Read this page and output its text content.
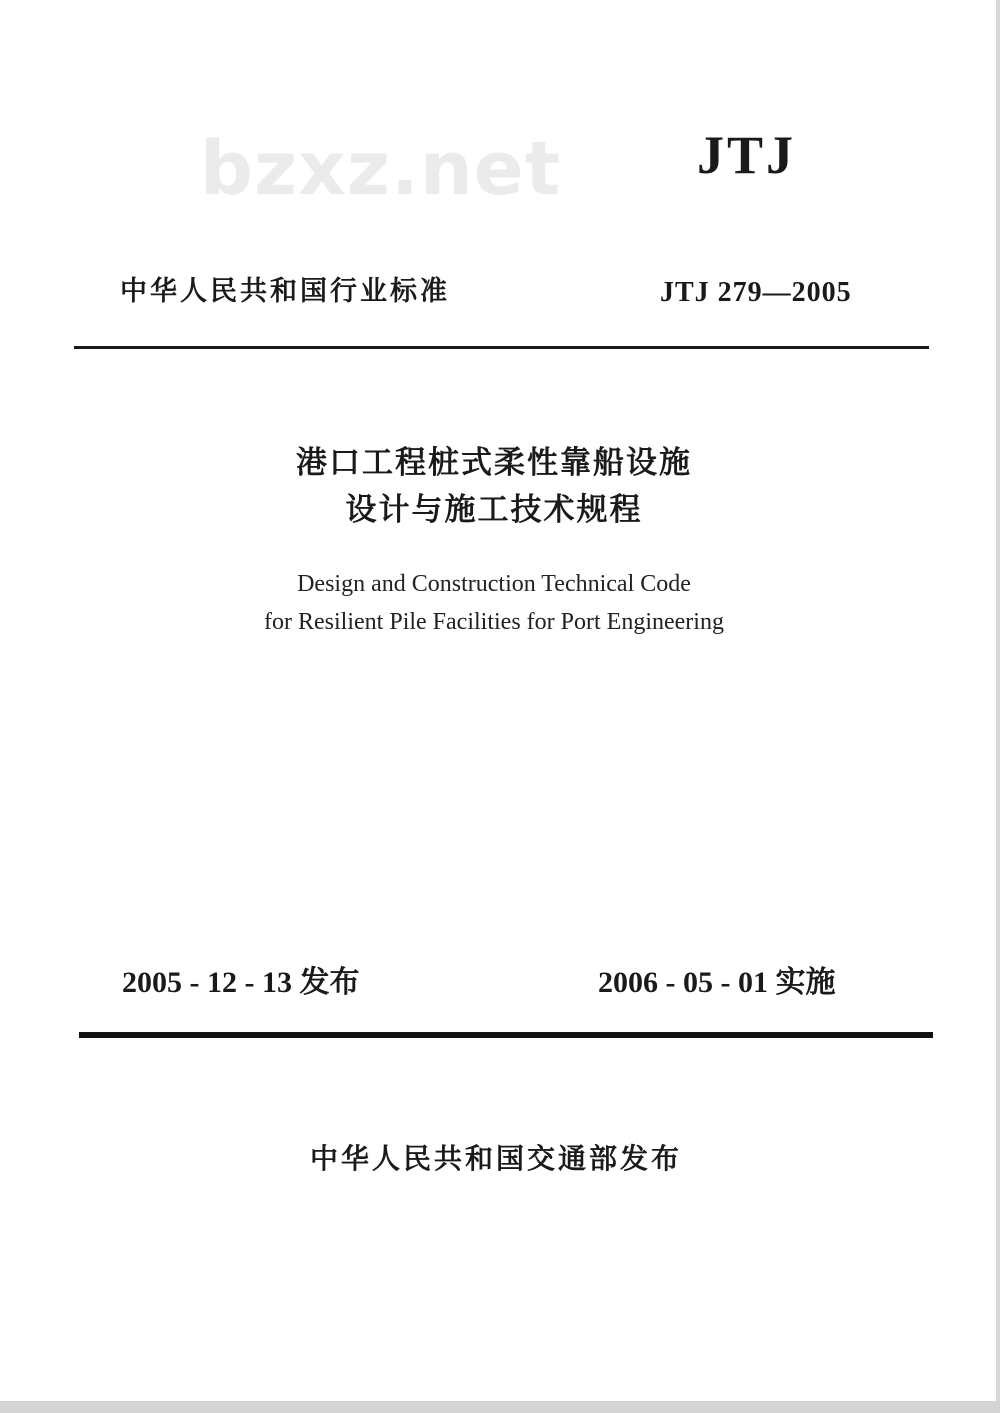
bzxz.net	JTJ
中华人民共和国行业标准	JTJ 279—2005
港口工程桩式柔性靠船设施
设计与施工技术规程
Design and Construction Technical Code
for Resilient Pile Facilities for Port Engineering
2005 - 12 - 13 发布	2006 - 05 - 01 实施
中华人民共和国交通部发布
